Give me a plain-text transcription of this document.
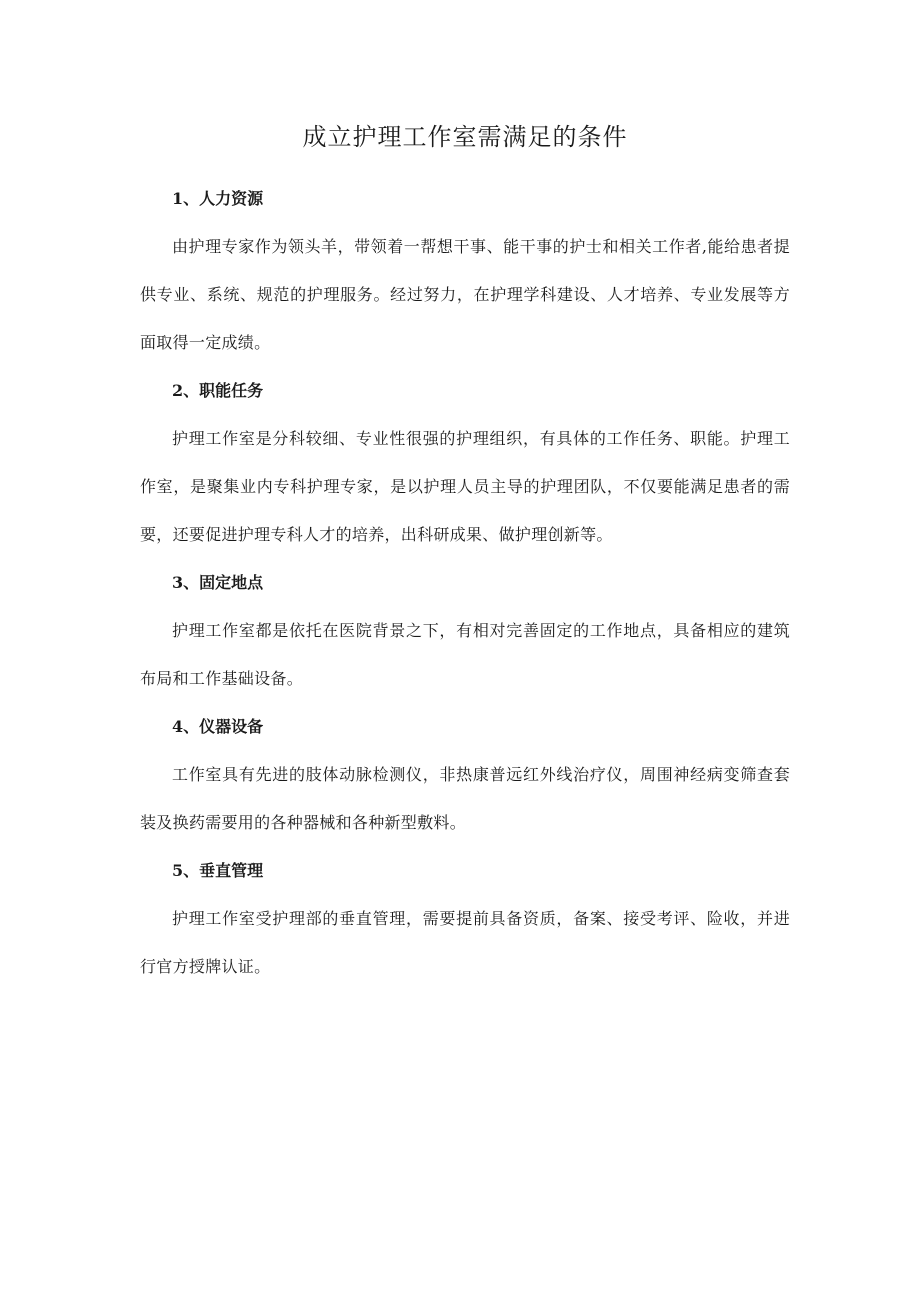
成立护理工作室需满足的条件
1、人力资源

由护理专家作为领头羊，带领着一帮想干事、能干事的护士和相关工作者,能给患者提供专业、系统、规范的护理服务。经过努力，在护理学科建设、人才培养、专业发展等方面取得一定成绩。

2、职能任务

护理工作室是分科较细、专业性很强的护理组织，有具体的工作任务、职能。护理工作室，是聚集业内专科护理专家，是以护理人员主导的护理团队，不仅要能满足患者的需要，还要促进护理专科人才的培养，出科研成果、做护理创新等。

3、固定地点

护理工作室都是依托在医院背景之下，有相对完善固定的工作地点，具备相应的建筑布局和工作基础设备。

4、仪器设备

工作室具有先进的肢体动脉检测仪，非热康普远红外线治疗仪，周围神经病变筛查套装及换药需要用的各种器械和各种新型敷料。

5、垂直管理

护理工作室受护理部的垂直管理，需要提前具备资质，备案、接受考评、险收，并进行官方授牌认证。
